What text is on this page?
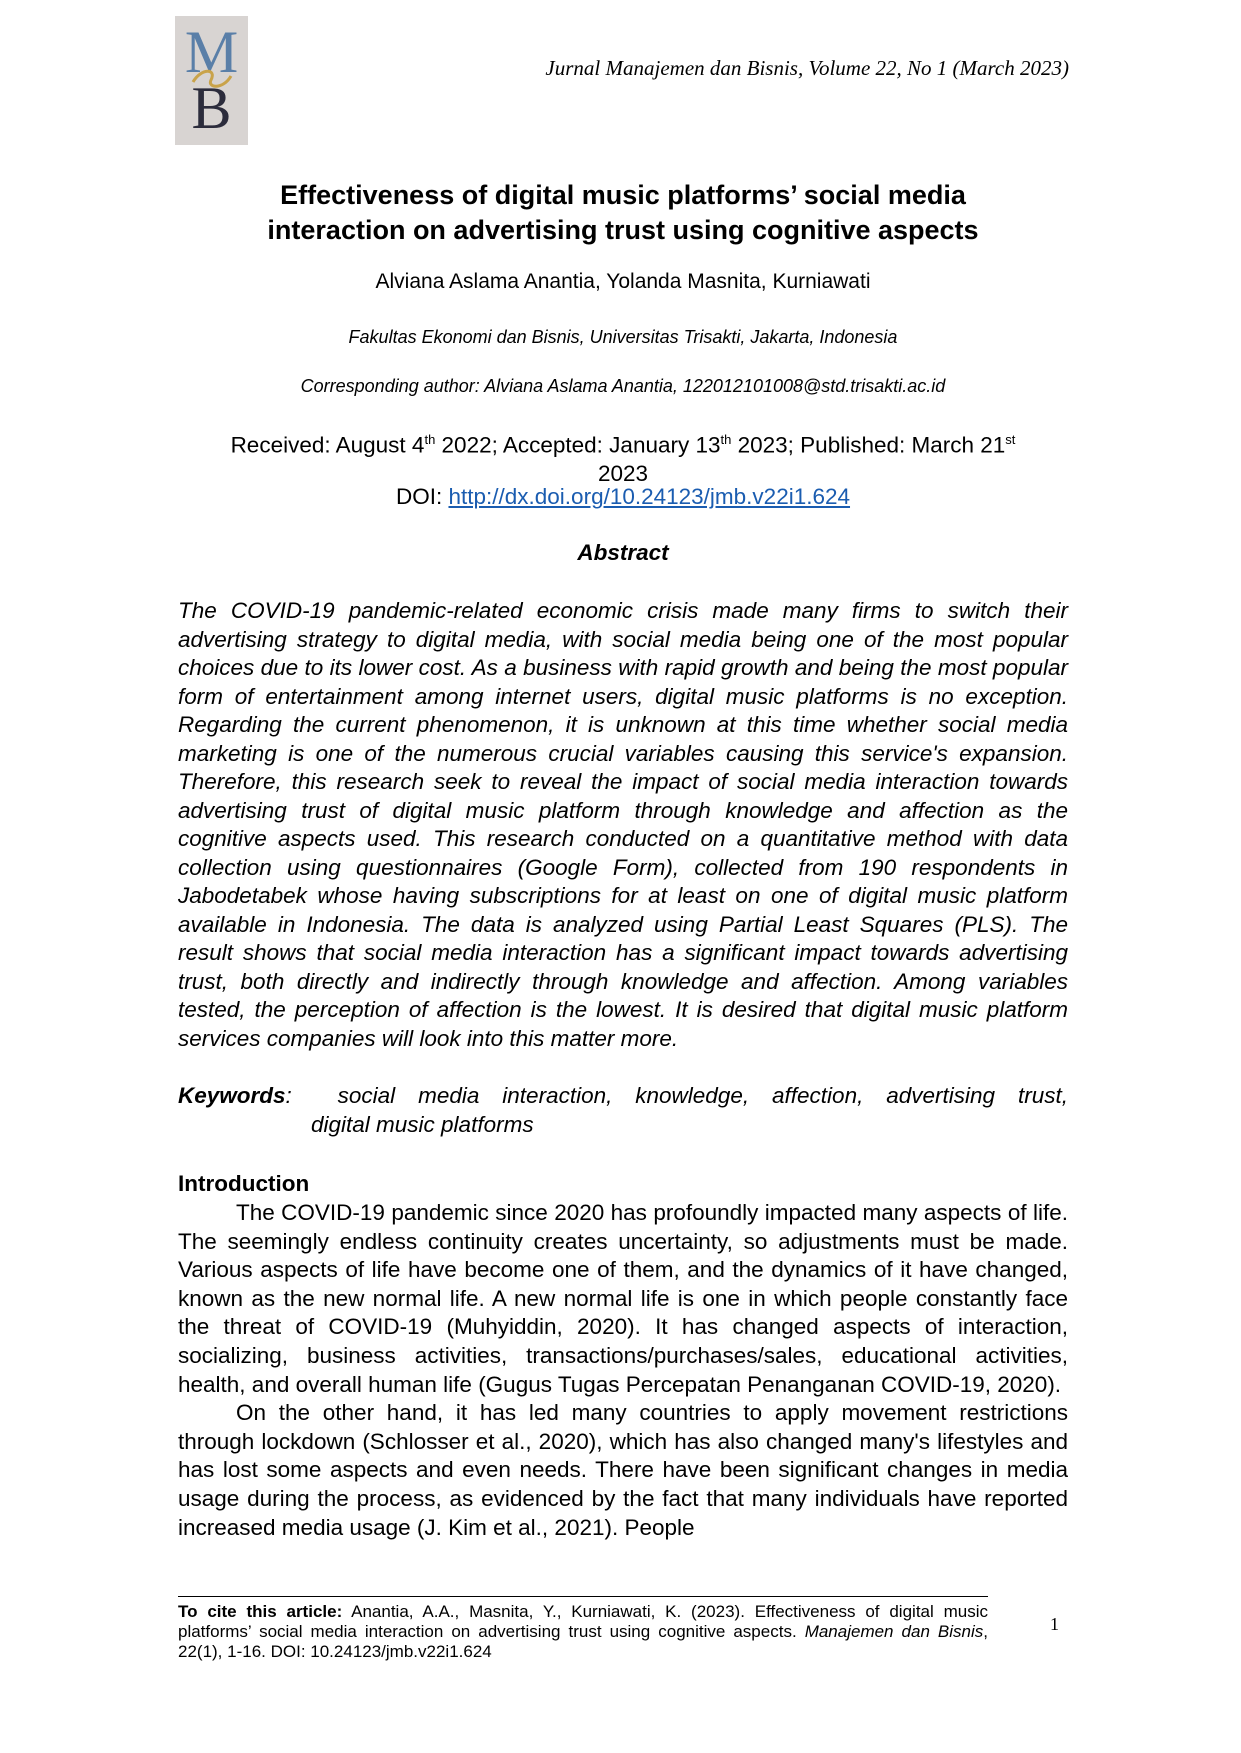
M
B
Jurnal Manajemen dan Bisnis, Volume 22, No 1 (March 2023)
Effectiveness of digital music platforms’ social media
interaction on advertising trust using cognitive aspects
Alviana Aslama Anantia, Yolanda Masnita, Kurniawati
Fakultas Ekonomi dan Bisnis, Universitas Trisakti, Jakarta, Indonesia
Corresponding author: Alviana Aslama Anantia, 122012101008@std.trisakti.ac.id
Received: August 4th 2022; Accepted: January 13th 2023; Published: March 21st
2023
DOI: http://dx.doi.org/10.24123/jmb.v22i1.624
Abstract
The COVID-19 pandemic-related economic crisis made many firms to switch their advertising strategy to digital media, with social media being one of the most popular choices due to its lower cost. As a business with rapid growth and being the most popular form of entertainment among internet users, digital music platforms is no exception. Regarding the current phenomenon, it is unknown at this time whether social media marketing is one of the numerous crucial variables causing this service's expansion. Therefore, this research seek to reveal the impact of social media interaction towards advertising trust of digital music platform through knowledge and affection as the cognitive aspects used. This research conducted on a quantitative method with data collection using questionnaires (Google Form), collected from 190 respondents in Jabodetabek whose having subscriptions for at least on one of digital music platform available in Indonesia. The data is analyzed using Partial Least Squares (PLS). The result shows that social media interaction has a significant impact towards advertising trust, both directly and indirectly through knowledge and affection. Among variables tested, the perception of affection is the lowest. It is desired that digital music platform services companies will look into this matter more.
Keywords :  social media interaction, knowledge, affection, advertising trust,
digital music platforms
Introduction

The COVID-19 pandemic since 2020 has profoundly impacted many aspects of life. The seemingly endless continuity creates uncertainty, so adjustments must be made. Various aspects of life have become one of them, and the dynamics of it have changed, known as the new normal life. A new normal life is one in which people constantly face the threat of COVID-19 (Muhyiddin, 2020). It has changed aspects of interaction, socializing, business activities, transactions/purchases/sales, educational activities, health, and overall human life (Gugus Tugas Percepatan Penanganan COVID-19, 2020).

On the other hand, it has led many countries to apply movement restrictions through lockdown (Schlosser et al., 2020), which has also changed many's lifestyles and has lost some aspects and even needs. There have been significant changes in media usage during the process, as evidenced by the fact that many individuals have reported increased media usage (J. Kim et al., 2021). People

To cite this article: Anantia, A.A., Masnita, Y., Kurniawati, K. (2023). Effectiveness of digital music platforms’ social media interaction on advertising trust using cognitive aspects. Manajemen dan Bisnis, 22(1), 1-16. DOI: 10.24123/jmb.v22i1.624
1
